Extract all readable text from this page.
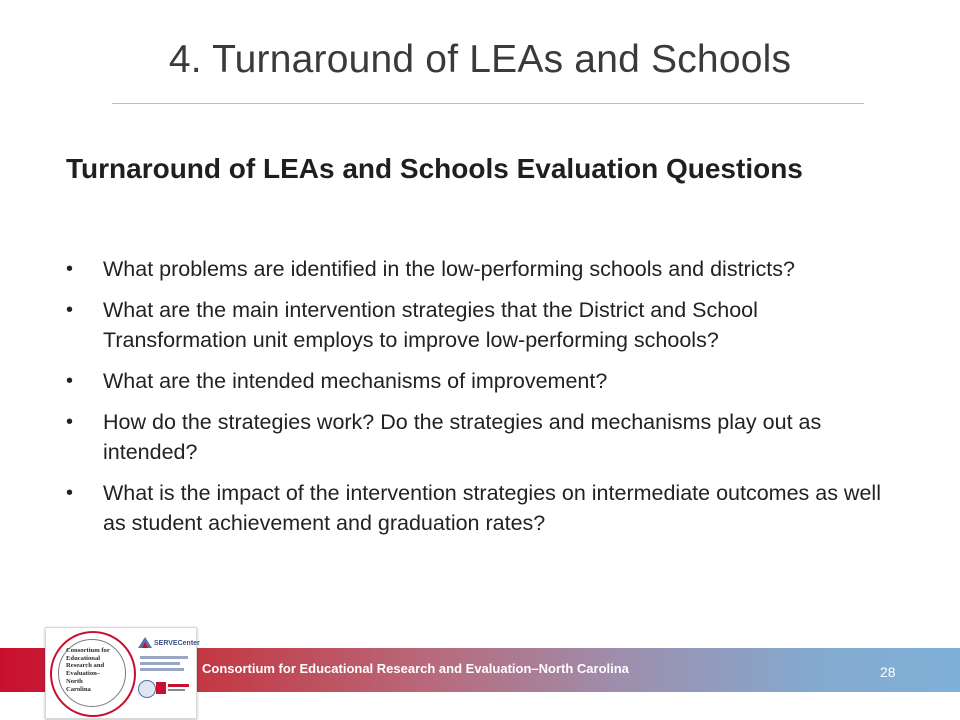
4. Turnaround of LEAs and Schools
Turnaround of LEAs and Schools Evaluation Questions
• What problems are identified in the low-performing schools and districts?
• What are the main intervention strategies that the District and School Transformation unit employs to improve low-performing schools?
• What are the intended mechanisms of improvement?
• How do the strategies work? Do the strategies and mechanisms play out as intended?
• What is the impact of the intervention strategies on intermediate outcomes as well as student achievement and graduation rates?
Consortium for Educational Research and Evaluation–North Carolina	28
Consortium for
Educational
Research and
Evaluation–
North
Carolina
SERVECenter
